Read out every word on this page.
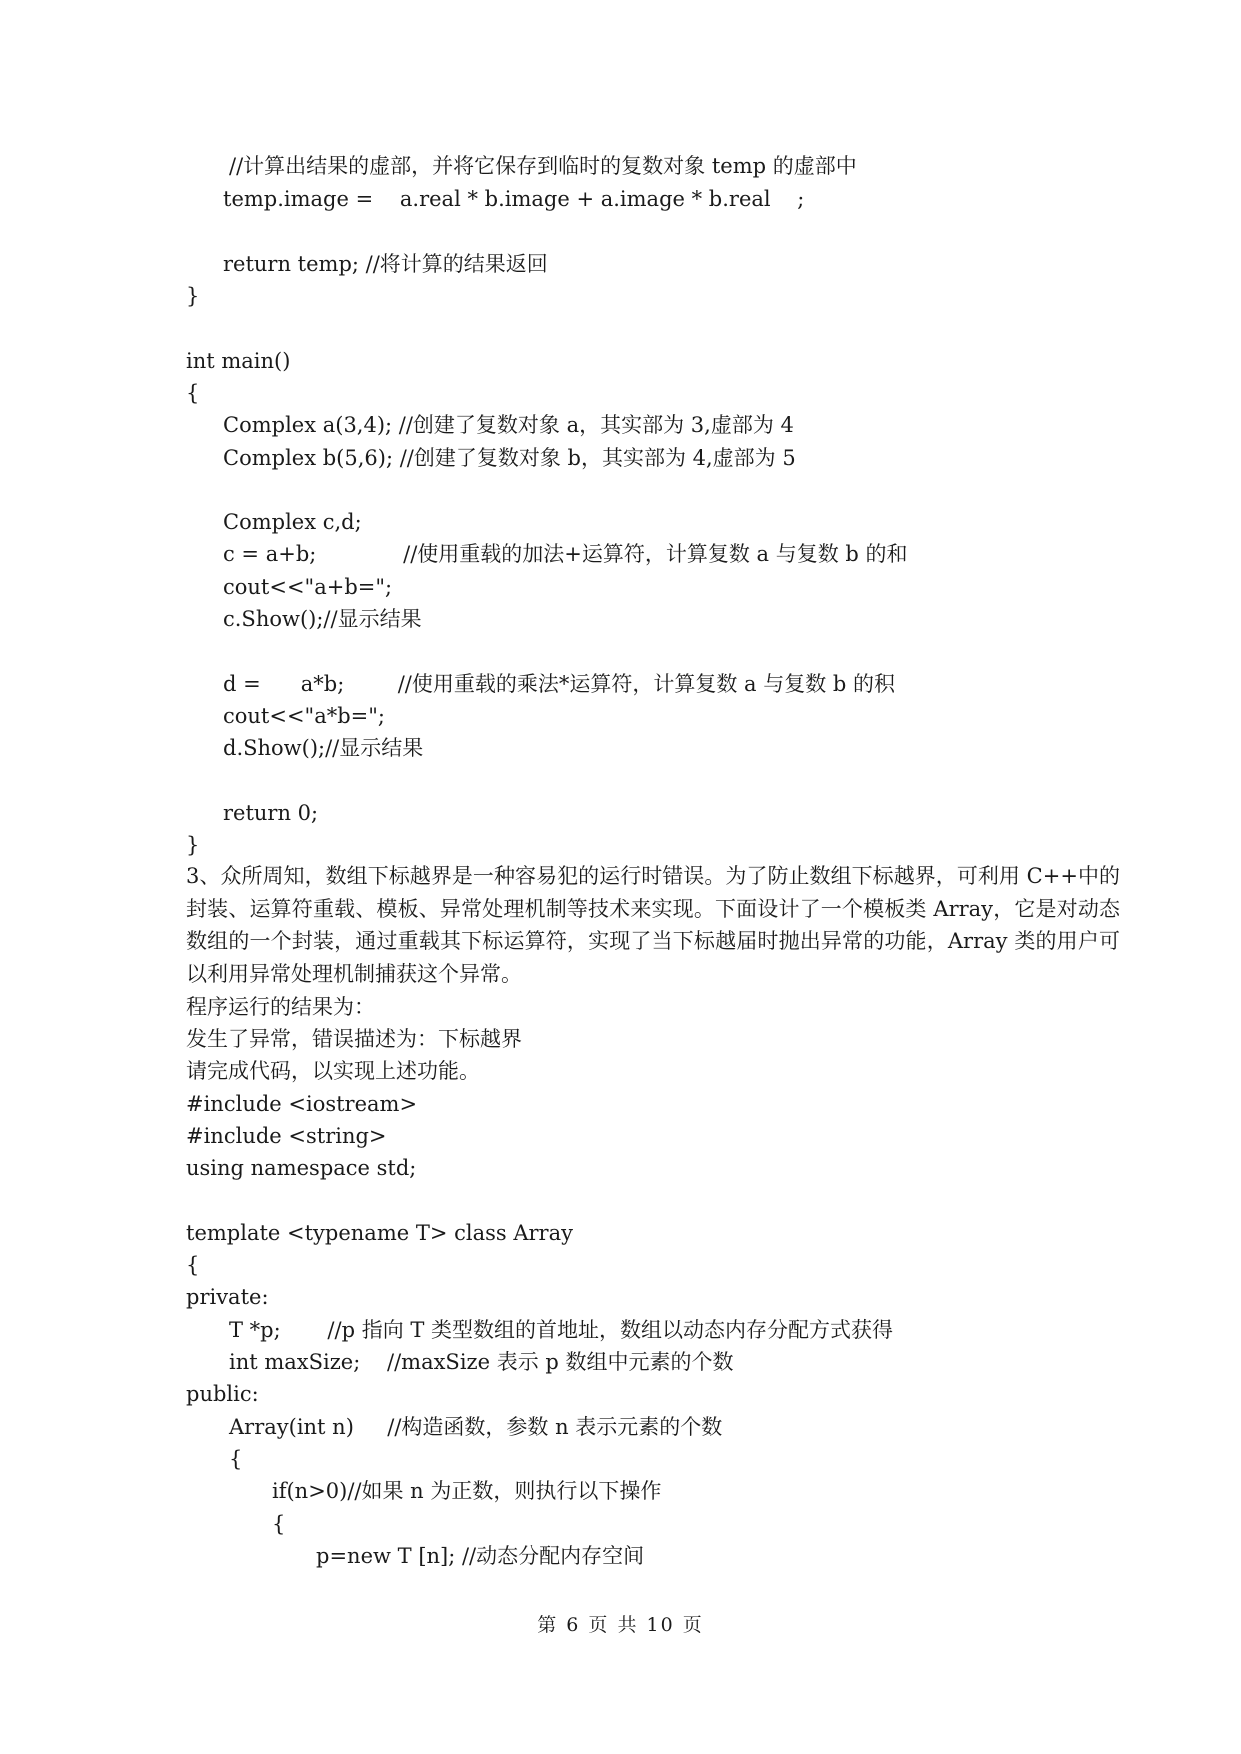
//计算出结果的虚部，并将它保存到临时的复数对象 temp 的虚部中
temp.image =    a.real * b.image + a.image * b.real    ;
return temp; //将计算的结果返回
}
int main()
{
Complex a(3,4); //创建了复数对象 a，其实部为 3,虚部为 4
Complex b(5,6); //创建了复数对象 b，其实部为 4,虚部为 5
Complex c,d;
c = a+b;             //使用重载的加法+运算符，计算复数 a 与复数 b 的和
cout<<"a+b=";
c.Show();//显示结果
d =      a*b;        //使用重载的乘法*运算符，计算复数 a 与复数 b 的积
cout<<"a*b=";
d.Show();//显示结果
return 0;
}
3、众所周知，数组下标越界是一种容易犯的运行时错误。为了防止数组下标越界，可利用 C++中的封装、运算符重载、模板、异常处理机制等技术来实现。下面设计了一个模板类 Array，它是对动态数组的一个封装，通过重载其下标运算符，实现了当下标越届时抛出异常的功能，Array 类的用户可以利用异常处理机制捕获这个异常。
程序运行的结果为：
发生了异常，错误描述为：下标越界
请完成代码，以实现上述功能。
#include <iostream>
#include <string>
using namespace std;
template <typename T> class Array
{
private:
T *p;       //p 指向 T 类型数组的首地址，数组以动态内存分配方式获得
int maxSize;    //maxSize 表示 p 数组中元素的个数
public:
Array(int n)     //构造函数，参数 n 表示元素的个数
{
if(n>0)//如果 n 为正数，则执行以下操作
{
p=new T [n]; //动态分配内存空间
第 6 页 共 10 页
